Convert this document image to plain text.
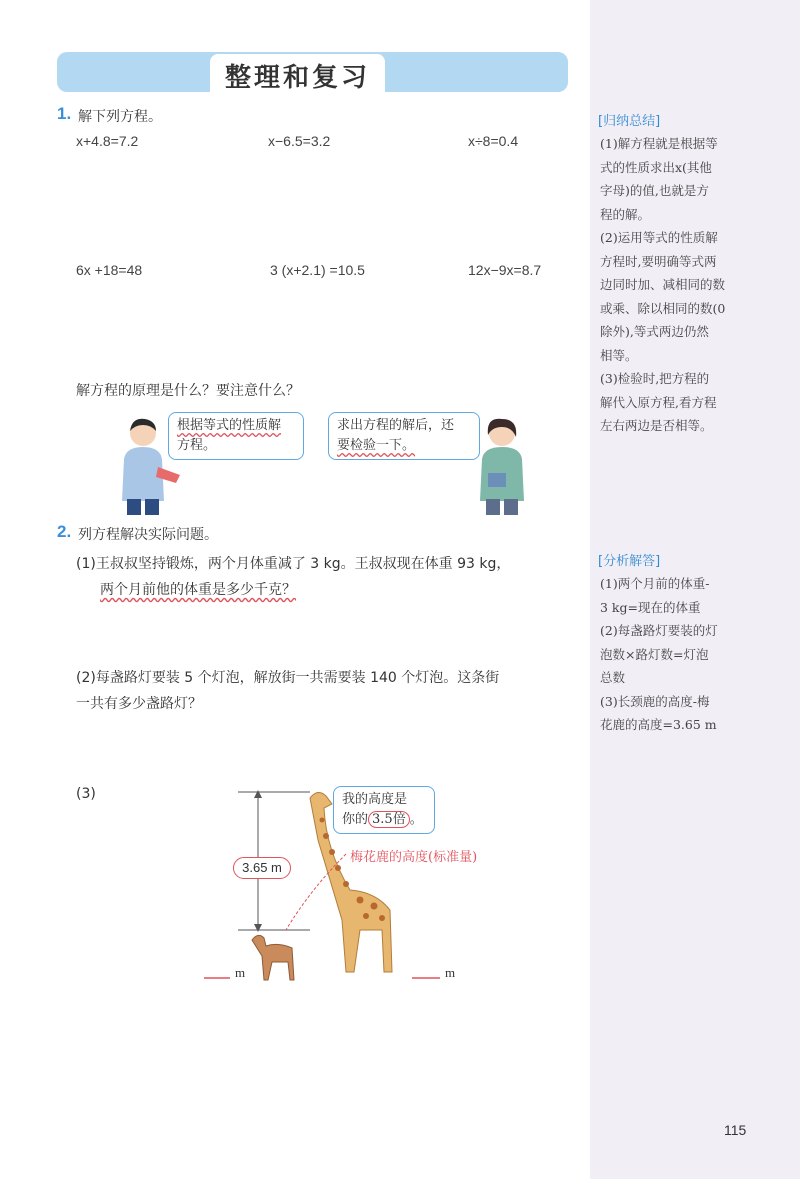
整理和复习
1. 解下列方程。
x+4.8=7.2	x−6.5=3.2	x÷8=0.4
6x +18=48	3 (x+2.1) =10.5	12x−9x=8.7
解方程的原理是什么？要注意什么？
根据等式的性质解
方程。
求出方程的解后，还
要检验一下。
2. 列方程解决实际问题。
(1)王叔叔坚持锻炼，两个月体重减了 3 kg。王叔叔现在体重 93 kg，
两个月前他的体重是多少千克？
(2)每盏路灯要装 5 个灯泡，解放街一共需要装 140 个灯泡。这条街
一共有多少盏路灯？
(3)
3.65 m
我的高度是
你的 3.5倍 。
梅花鹿的高度(标准量)
m	m
[归纳总结]

(1)解方程就是根据等

式的性质求出x(其他

字母)的值,也就是方

程的解。

(2)运用等式的性质解

方程时,要明确等式两

边同时加、减相同的数

或乘、除以相同的数(0

除外),等式两边仍然

相等。

(3)检验时,把方程的

解代入原方程,看方程

左右两边是否相等。

[分析解答]

(1)两个月前的体重-

3 kg=现在的体重

(2)每盏路灯要装的灯

泡数×路灯数=灯泡

总数

(3)长颈鹿的高度-梅

花鹿的高度=3.65 m

115
